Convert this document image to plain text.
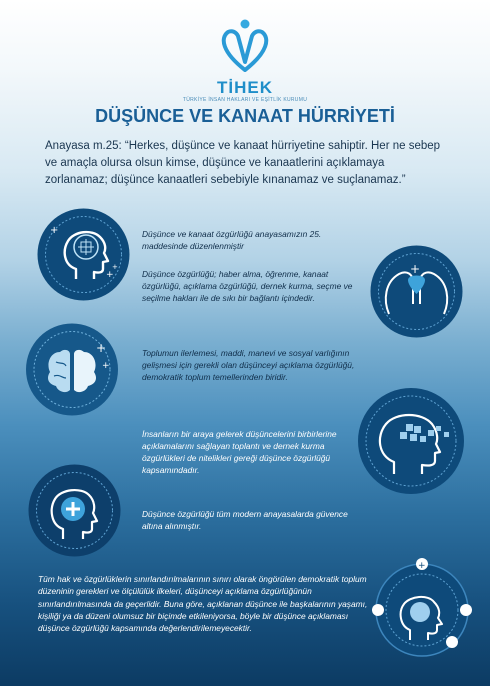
TİHEK
TÜRKİYE İNSAN HAKLARI VE EŞİTLİK KURUMU
DÜŞÜNCE VE KANAAT HÜRRİYETİ
Anayasa m.25: “Herkes, düşünce ve kanaat hürriyetine sahiptir. Her ne sebep ve amaçla olursa olsun kimse, düşünce ve kanaatlerini açıklamaya zorlanamaz; düşünce kanaatleri sebebiyle kınanamaz ve suçlanamaz.”
+
+
+
Düşünce ve kanaat özgürlüğü anayasamızın 25. maddesinde düzenlenmiştir
+
Düşünce özgürlüğü; haber alma, öğrenme, kanaat özgürlüğü, açıklama özgürlüğü, dernek kurma, seçme ve seçilme hakları ile de sıkı bir bağlantı içindedir.
+
+
Toplumun ilerlemesi, maddi, manevi ve sosyal varlığının gelişmesi için gerekli olan düşünceyi açıklama özgürlüğü, demokratik toplum temellerinden biridir.
İnsanların bir araya gelerek düşüncelerini birbirlerine açıklamalarını sağlayan toplantı ve dernek kurma özgürlükleri de nitelikleri gereği düşünce özgürlüğü kapsamındadır.
Düşünce özgürlüğü tüm modern anayasalarda güvence altına alınmıştır.
Tüm hak ve özgürlüklerin sınırlandırılmalarının sınırı olarak öngörülen demokratik toplum düzeninin gerekleri ve ölçülülük ilkeleri, düşünceyi açıklama özgürlüğünün sınırlandırılmasında da geçerlidir. Buna göre, açıklanan düşünce ile başkalarının yaşamı, kişiliği ya da düzeni olumsuz bir biçimde etkileniyorsa, böyle bir düşünce açıklaması düşünce özgürlüğü kapsamında değerlendirilemeyecektir.
+
